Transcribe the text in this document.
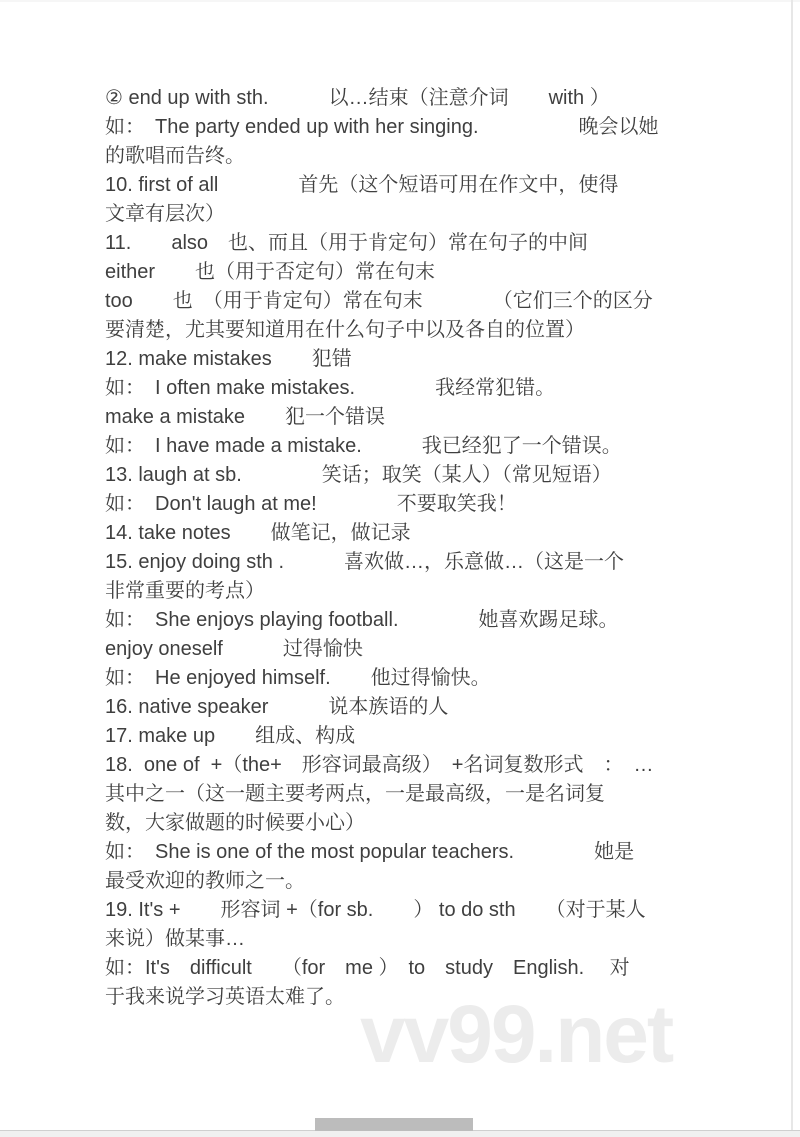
vv99.net
② end up with sth.　　　以…结束（注意介词　　with ）
如：　The party ended up with her singing.　　　　　晚会以她
的歌唱而告终。
10. first of all　　　　首先（这个短语可用在作文中，使得
文章有层次）
11.　　also　也、而且（用于肯定句）常在句子的中间
either　　也（用于否定句）常在句末
too　　也　（用于肯定句）常在句末　　　　（它们三个的区分
要清楚，尤其要知道用在什么句子中以及各自的位置）
12. make mistakes　　犯错
如：　I often make mistakes.　　　　我经常犯错。
make a mistake　　犯一个错误
如：　I have made a mistake.　　　我已经犯了一个错误。
13. laugh at sb.　　　　笑话；取笑（某人）（常见短语）
如：　Don't laugh at me!　　　　不要取笑我！
14. take notes　　做笔记，做记录
15. enjoy doing sth .　　　喜欢做…，乐意做…（这是一个
非常重要的考点）
如：　She enjoys playing football.　　　　她喜欢踢足球。
enjoy oneself　　　过得愉快
如：　He enjoyed himself.　　他过得愉快。
16. native speaker　　　说本族语的人
17. make up　　组成、构成
18.  one of  +（the+　形容词最高级）　+名词复数形式　：　…
其中之一（这一题主要考两点，一是最高级，一是名词复
数，大家做题的时候要小心）
如：　She is one of the most popular teachers.　　　　她是
最受欢迎的教师之一。
19. It's +　　形容词 +（for sb.　　） to do sth　　（对于某人
来说）做某事…
如：It's　difficult　　（for　me ）　to　study　English.　 对
于我来说学习英语太难了。
